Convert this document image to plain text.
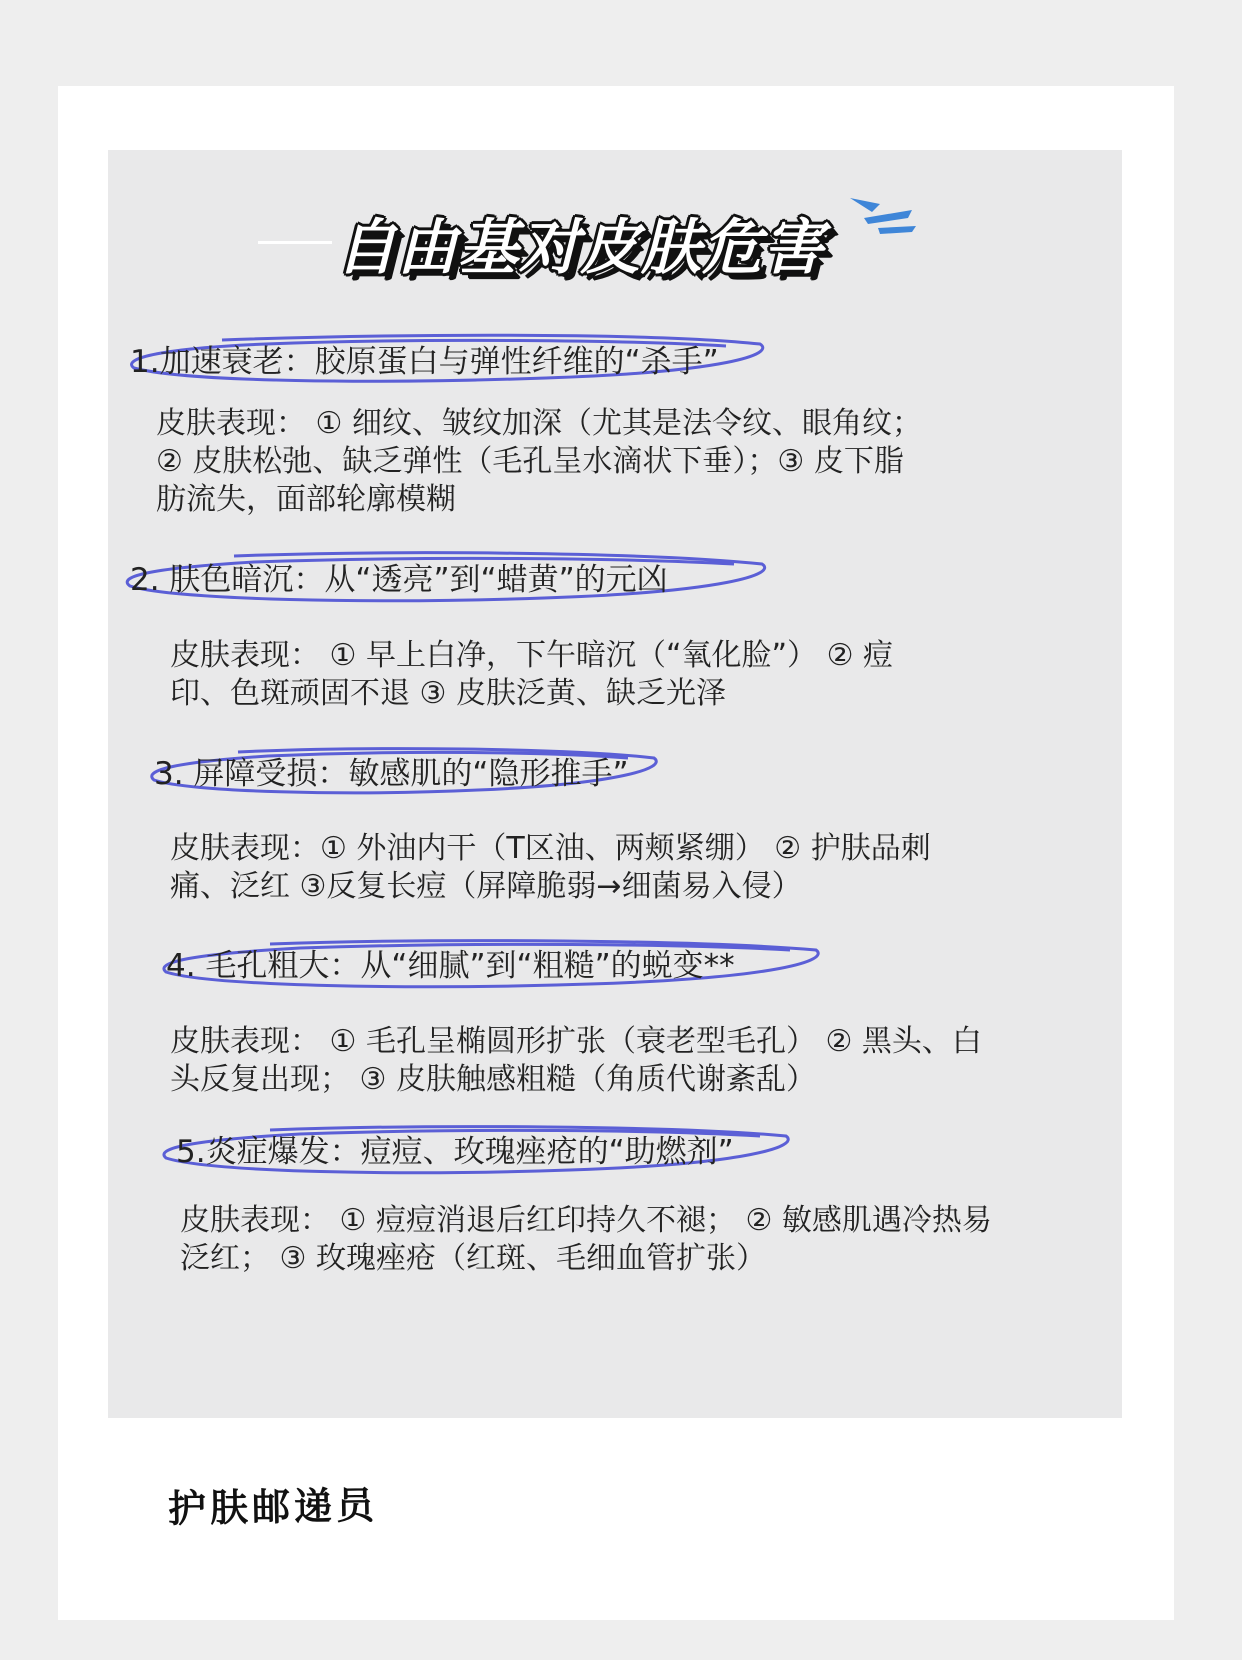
自由基对皮肤危害
1.加速衰老：胶原蛋白与弹性纤维的“杀手”
皮肤表现： ① 细纹、皱纹加深（尤其是法令纹、眼角纹；
② 皮肤松弛、缺乏弹性（毛孔呈水滴状下垂）；③ 皮下脂
肪流失，面部轮廓模糊
2. 肤色暗沉：从“透亮”到“蜡黄”的元凶
皮肤表现： ① 早上白净，下午暗沉（“氧化脸”） ② 痘
印、色斑顽固不退 ③ 皮肤泛黄、缺乏光泽
3. 屏障受损：敏感肌的“隐形推手”
皮肤表现：① 外油内干（T区油、两颊紧绷） ② 护肤品刺
痛、泛红 ③反复长痘（屏障脆弱→细菌易入侵）
4. 毛孔粗大：从“细腻”到“粗糙”的蜕变**
皮肤表现： ① 毛孔呈椭圆形扩张（衰老型毛孔） ② 黑头、白
头反复出现； ③ 皮肤触感粗糙（角质代谢紊乱）
5.炎症爆发：痘痘、玫瑰痤疮的“助燃剂”
皮肤表现： ① 痘痘消退后红印持久不褪； ② 敏感肌遇冷热易
泛红； ③ 玫瑰痤疮（红斑、毛细血管扩张）
护肤邮递员
